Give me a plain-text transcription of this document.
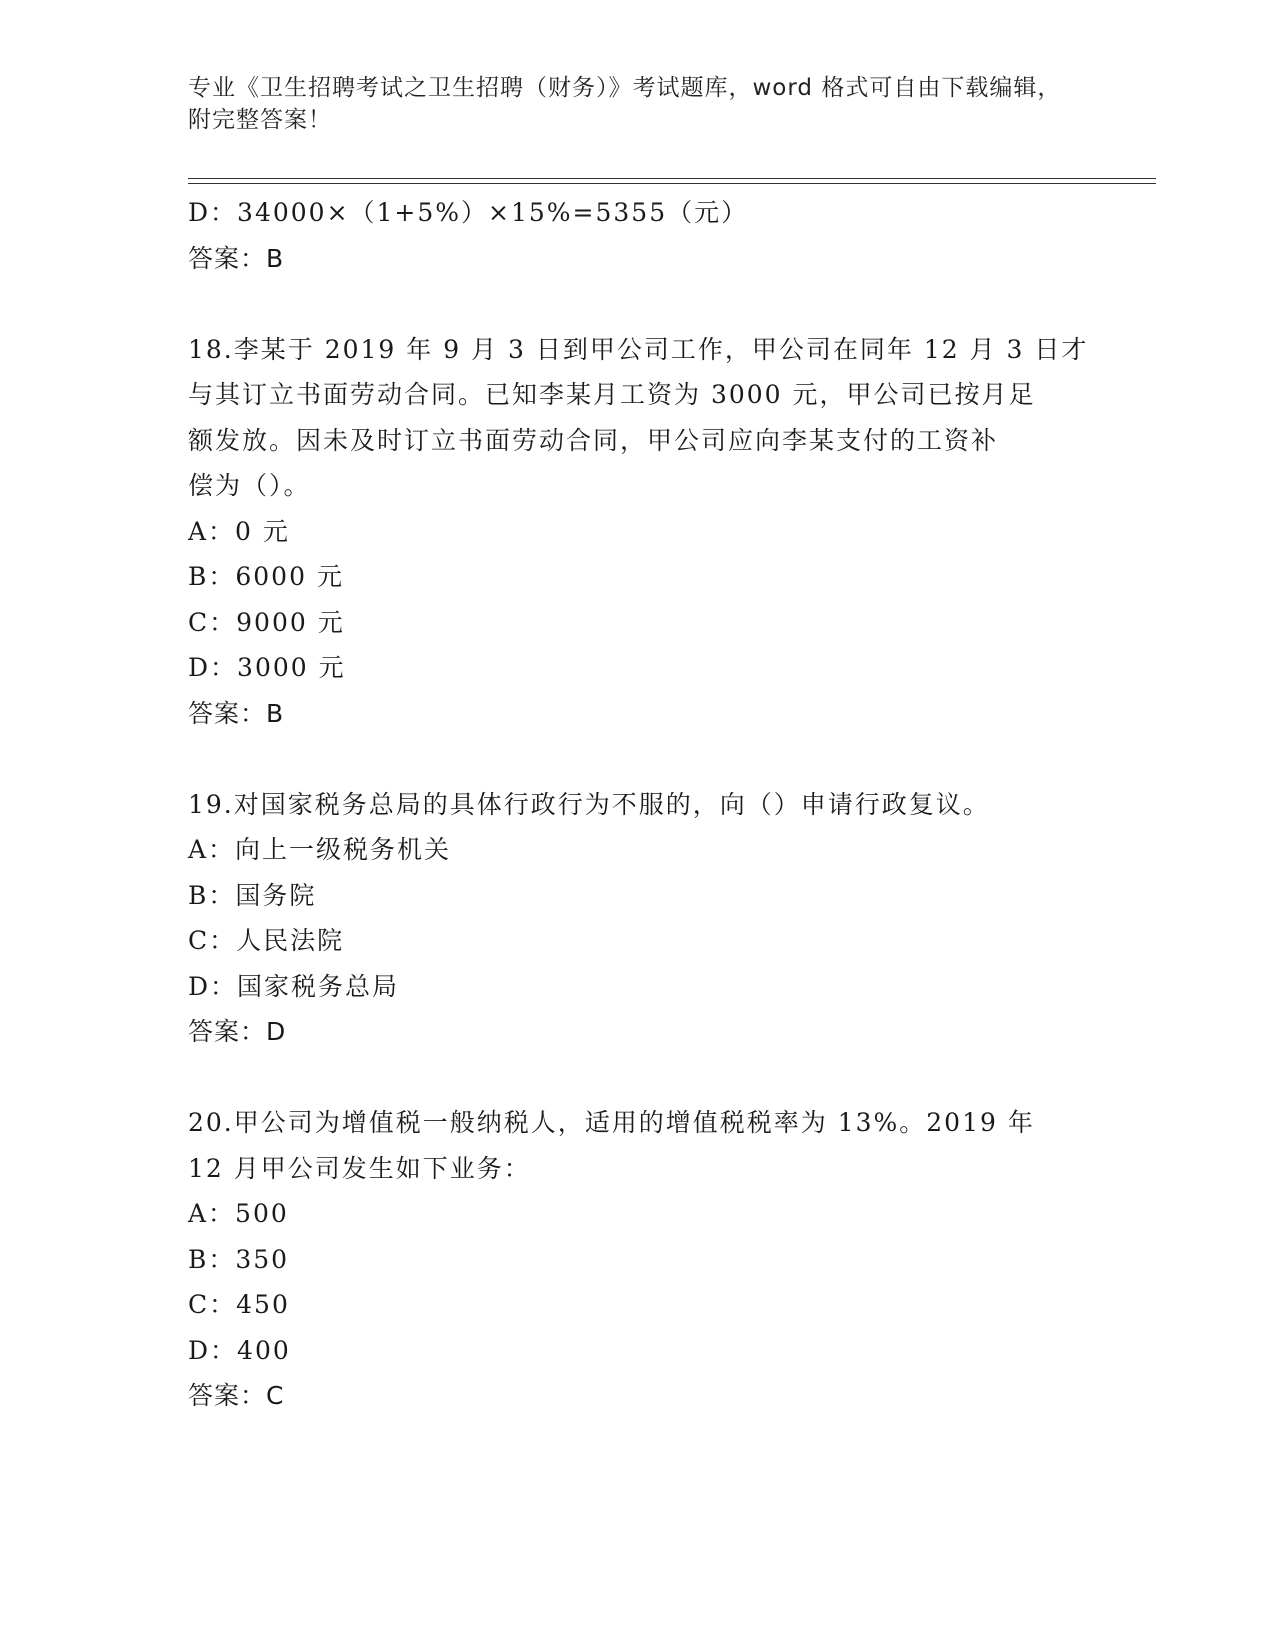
专业《卫生招聘考试之卫生招聘（财务）》考试题库，word 格式可自由下载编辑，附完整答案！
D：34000×（1+5%）×15%=5355（元）
答案：B
18.李某于 2019 年 9 月 3 日到甲公司工作，甲公司在同年 12 月 3 日才
与其订立书面劳动合同。已知李某月工资为 3000 元，甲公司已按月足
额发放。因未及时订立书面劳动合同，甲公司应向李某支付的工资补
偿为（）。
A：0 元
B：6000 元
C：9000 元
D：3000 元
答案：B
19.对国家税务总局的具体行政行为不服的，向（）申请行政复议。
A：向上一级税务机关
B：国务院
C：人民法院
D：国家税务总局
答案：D
20.甲公司为增值税一般纳税人，适用的增值税税率为 13%。2019 年
12 月甲公司发生如下业务：
A：500
B：350
C：450
D：400
答案：C
